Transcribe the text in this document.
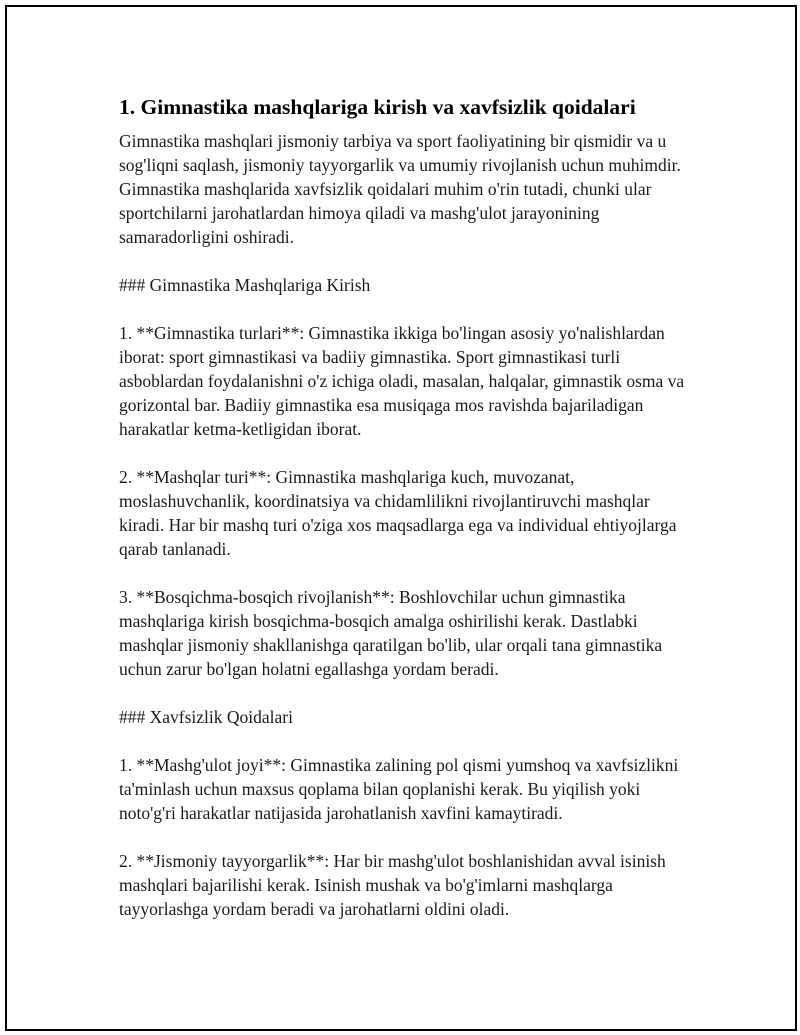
1. Gimnastika mashqlariga kirish va xavfsizlik qoidalari

Gimnastika mashqlari jismoniy tarbiya va sport faoliyatining bir qismidir va u sog'liqni saqlash, jismoniy tayyorgarlik va umumiy rivojlanish uchun muhimdir. Gimnastika mashqlarida xavfsizlik qoidalari muhim o'rin tutadi, chunki ular sportchilarni jarohatlardan himoya qiladi va mashg'ulot jarayonining samaradorligini oshiradi.

### Gimnastika Mashqlariga Kirish

1. **Gimnastika turlari**: Gimnastika ikkiga bo'lingan asosiy yo'nalishlardan iborat: sport gimnastikasi va badiiy gimnastika. Sport gimnastikasi turli asboblardan foydalanishni o'z ichiga oladi, masalan, halqalar, gimnastik osma va gorizontal bar. Badiiy gimnastika esa musiqaga mos ravishda bajariladigan harakatlar ketma-ketligidan iborat.

2. **Mashqlar turi**: Gimnastika mashqlariga kuch, muvozanat, moslashuvchanlik, koordinatsiya va chidamlilikni rivojlantiruvchi mashqlar kiradi. Har bir mashq turi o'ziga xos maqsadlarga ega va individual ehtiyojlarga qarab tanlanadi.

3. **Bosqichma-bosqich rivojlanish**: Boshlovchilar uchun gimnastika mashqlariga kirish bosqichma-bosqich amalga oshirilishi kerak. Dastlabki mashqlar jismoniy shakllanishga qaratilgan bo'lib, ular orqali tana gimnastika uchun zarur bo'lgan holatni egallashga yordam beradi.

### Xavfsizlik Qoidalari

1. **Mashg'ulot joyi**: Gimnastika zalining pol qismi yumshoq va xavfsizlikni ta'minlash uchun maxsus qoplama bilan qoplanishi kerak. Bu yiqilish yoki noto'g'ri harakatlar natijasida jarohatlanish xavfini kamaytiradi.

2. **Jismoniy tayyorgarlik**: Har bir mashg'ulot boshlanishidan avval isinish mashqlari bajarilishi kerak. Isinish mushak va bo'g'imlarni mashqlarga tayyorlashga yordam beradi va jarohatlarni oldini oladi.
